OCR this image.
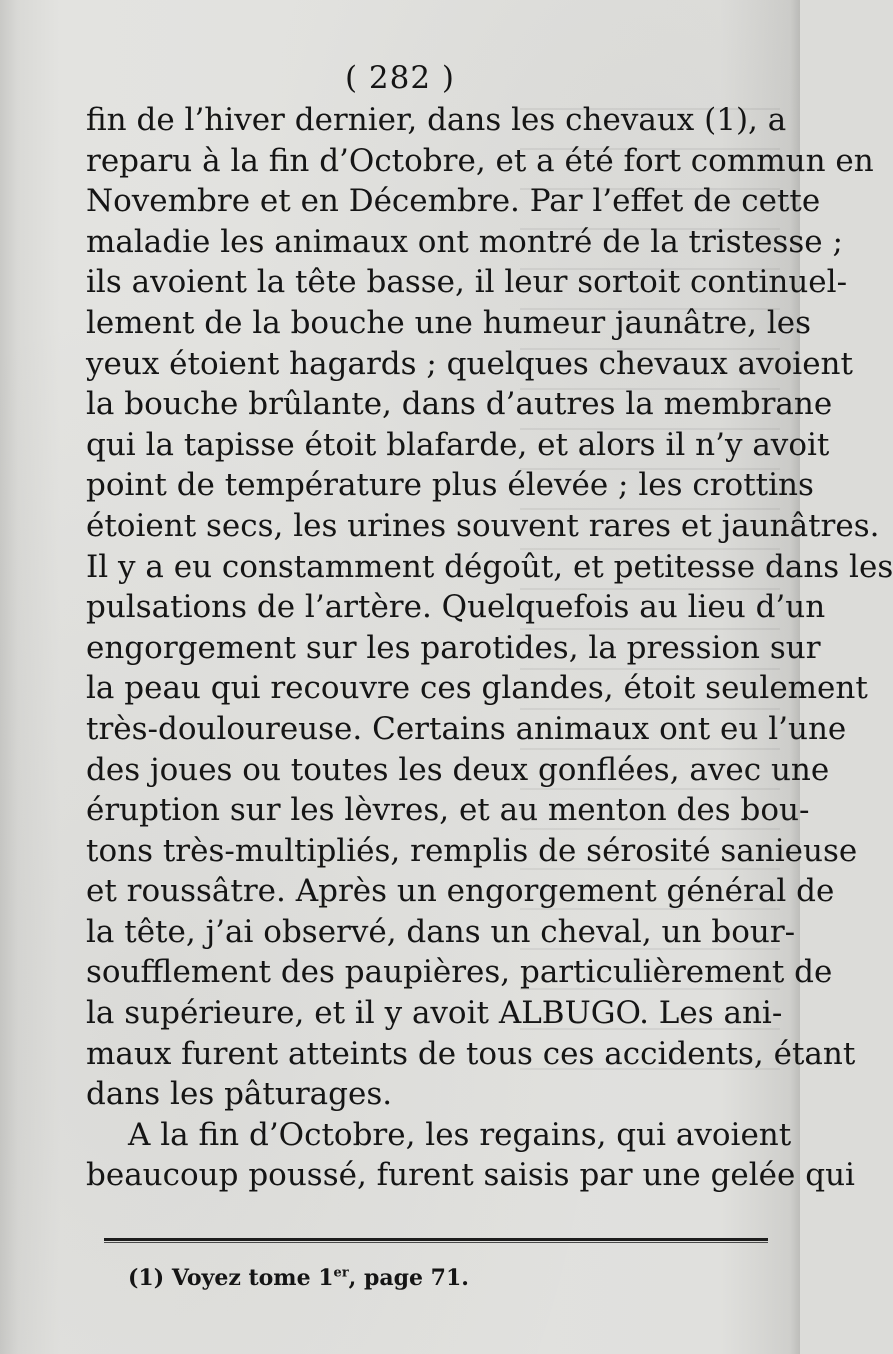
( 282 )
fin de l’hiver dernier, dans les chevaux (1), a
reparu à la fin d’Octobre, et a été fort commun en
Novembre et en Décembre. Par l’effet de cette
maladie les animaux ont montré de la tristesse ;
ils avoient la tête basse, il leur sortoit continuel-
lement de la bouche une humeur jaunâtre, les
yeux étoient hagards ; quelques chevaux avoient
la bouche brûlante, dans d’autres la membrane
qui la tapisse étoit blafarde, et alors il n’y avoit
point de température plus élevée ; les crottins
étoient secs, les urines souvent rares et jaunâtres.
Il y a eu constamment dégoût, et petitesse dans les
pulsations de l’artère. Quelquefois au lieu d’un
engorgement sur les parotides, la pression sur
la peau qui recouvre ces glandes, étoit seulement
très-douloureuse. Certains animaux ont eu l’une
des joues ou toutes les deux gonflées, avec une
éruption sur les lèvres, et au menton des bou-
tons très-multipliés, remplis de sérosité sanieuse
et roussâtre. Après un engorgement général de
la tête, j’ai observé, dans un cheval, un bour-
soufflement des paupières, particulièrement de
la supérieure, et il y avoit ALBUGO. Les ani-
maux furent atteints de tous ces accidents, étant
dans les pâturages.
A la fin d’Octobre, les regains, qui avoient
beaucoup poussé, furent saisis par une gelée qui
(1) Voyez tome 1er, page 71.
